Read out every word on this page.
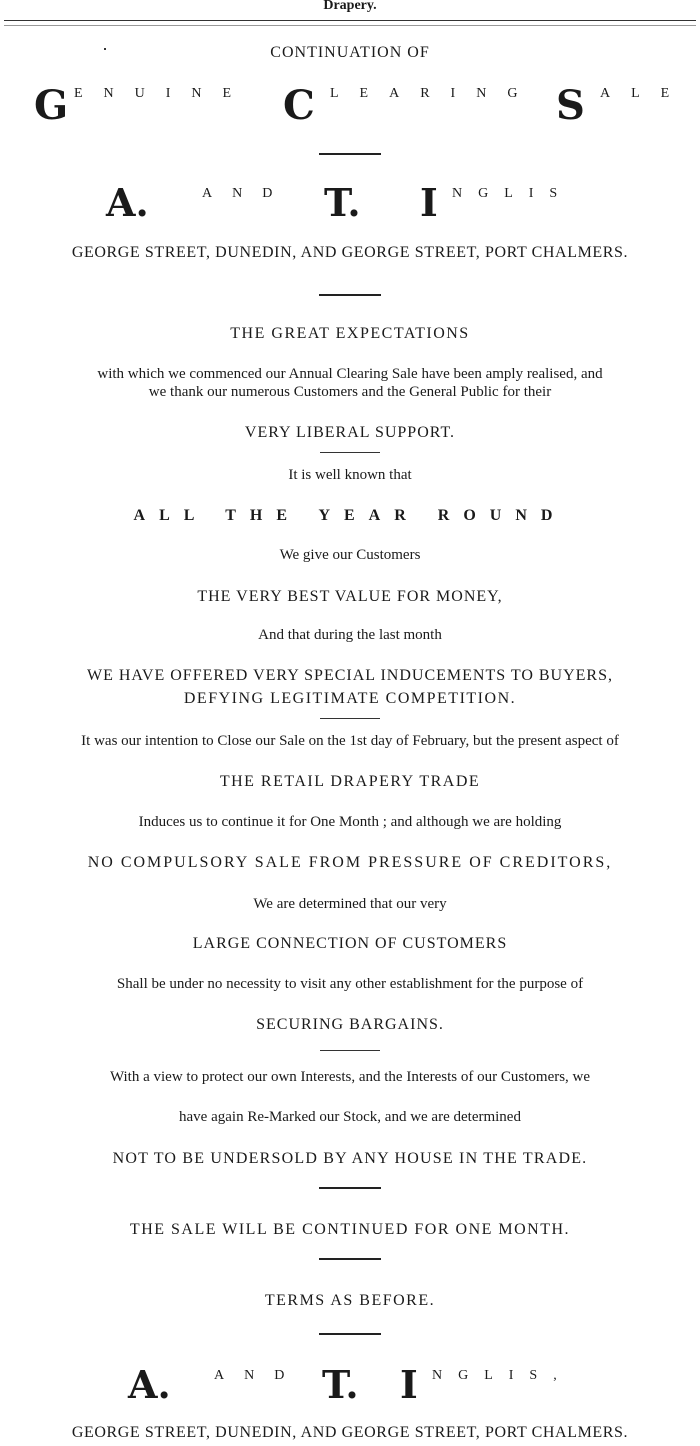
Drapery.
CONTINUATION OF
G ENUINE C LEARING S ALE
A.	AND T. I NGLIS
GEORGE STREET, DUNEDIN, AND GEORGE STREET, PORT CHALMERS.
THE GREAT EXPECTATIONS
with which we commenced our Annual Clearing Sale have been amply realised, and
we thank our numerous Customers and the General Public for their
VERY LIBERAL SUPPORT.
It is well known that
ALL THE YEAR ROUND
We give our Customers
THE VERY BEST VALUE FOR MONEY,
And that during the last month
WE HAVE OFFERED VERY SPECIAL INDUCEMENTS TO BUYERS,
DEFYING LEGITIMATE COMPETITION.
It was our intention to Close our Sale on the 1st day of February, but the present aspect of
THE RETAIL DRAPERY TRADE
Induces us to continue it for One Month ; and although we are holding
NO COMPULSORY SALE FROM PRESSURE OF CREDITORS,
We are determined that our very
LARGE CONNECTION OF CUSTOMERS
Shall be under no necessity to visit any other establishment for the purpose of
SECURING BARGAINS.
With a view to protect our own Interests, and the Interests of our Customers, we
have again Re-Marked our Stock, and we are determined
NOT TO BE UNDERSOLD BY ANY HOUSE IN THE TRADE.
THE SALE WILL BE CONTINUED FOR ONE MONTH.
TERMS AS BEFORE.
A.	AND T. I NGLIS,
GEORGE STREET, DUNEDIN, AND GEORGE STREET, PORT CHALMERS.
